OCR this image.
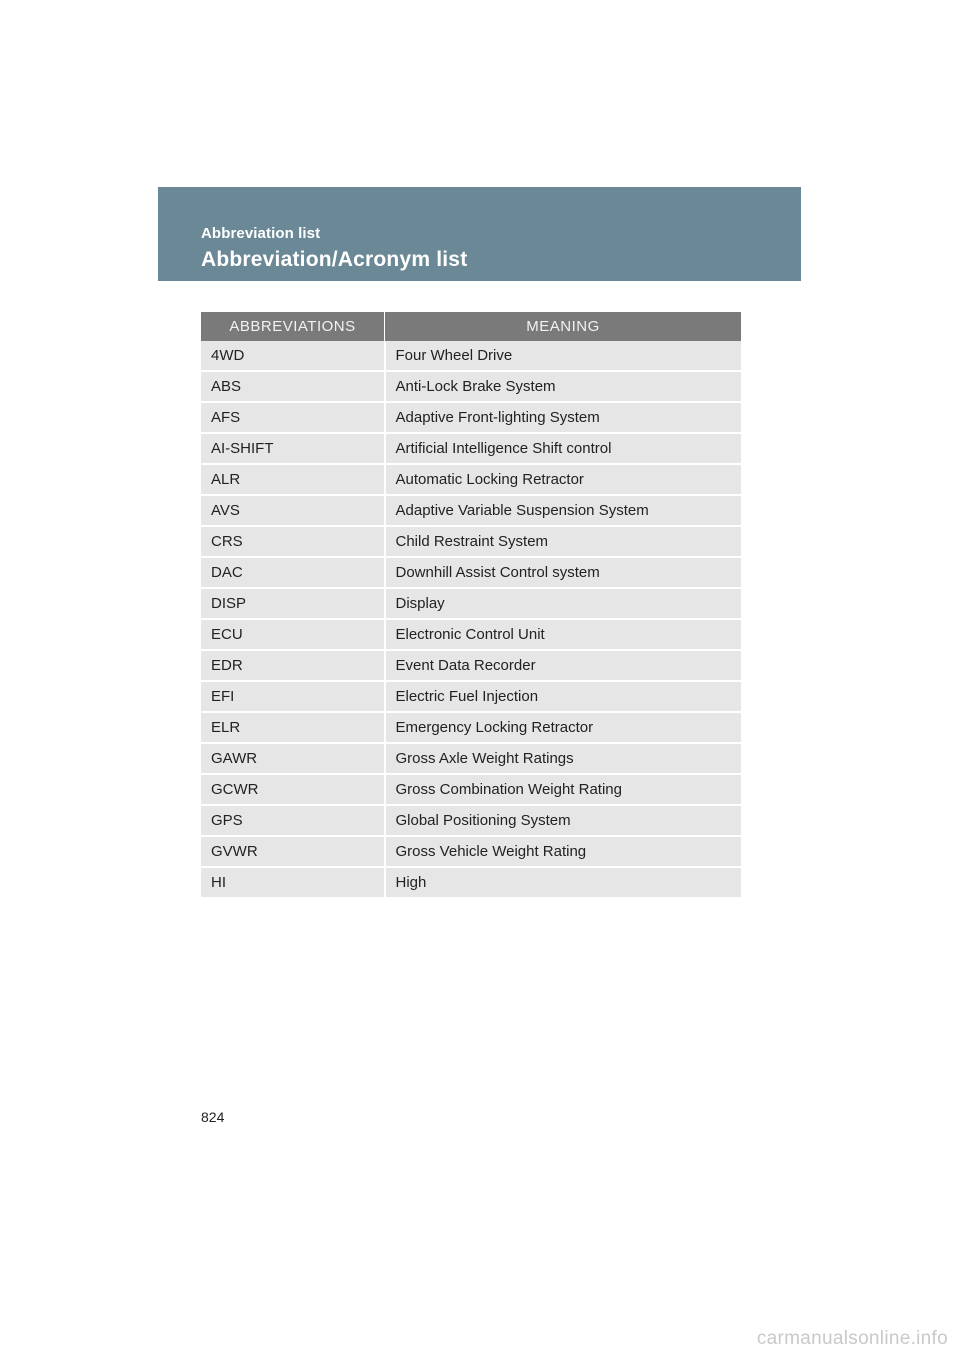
Abbreviation list
Abbreviation/Acronym list
ABBREVIATIONS	MEANING
4WD	Four Wheel Drive
ABS	Anti-Lock Brake System
AFS	Adaptive Front-lighting System
AI-SHIFT	Artificial Intelligence Shift control
ALR	Automatic Locking Retractor
AVS	Adaptive Variable Suspension System
CRS	Child Restraint System
DAC	Downhill Assist Control system
DISP	Display
ECU	Electronic Control Unit
EDR	Event Data Recorder
EFI	Electric Fuel Injection
ELR	Emergency Locking Retractor
GAWR	Gross Axle Weight Ratings
GCWR	Gross Combination Weight Rating
GPS	Global Positioning System
GVWR	Gross Vehicle Weight Rating
HI	High
824
carmanualsonline.info
